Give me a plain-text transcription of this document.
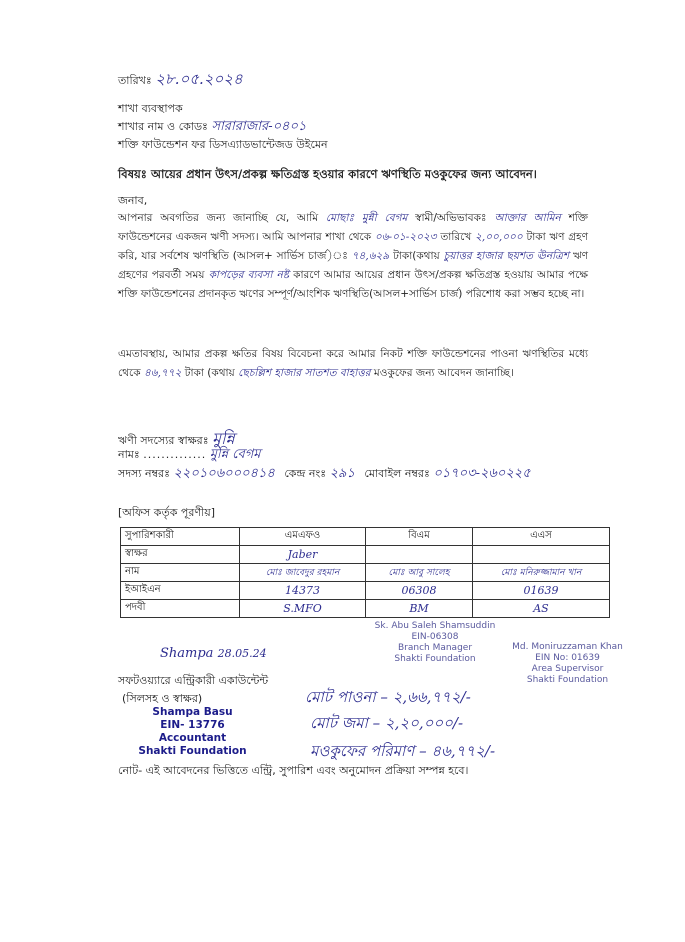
তারিখঃ ২৮.০৫.২০২৪
শাখা ব্যবস্থাপক
শাখার নাম ও কোডঃ সারারাজার-০৪০১
শক্তি ফাউন্ডেশন ফর ডিসএ্যাডভান্টেজড উইমেন
বিষয়ঃ আয়ের প্রধান উৎস/প্রকল্প ক্ষতিগ্রস্ত হওয়ার কারণে ঋণস্থিতি মওকুফের জন্য আবেদন।
জনাব,
আপনার অবগতির জন্য জানাচ্ছি যে, আমি মোছাঃ মুন্নী বেগম স্বামী/অভিভাবকঃ আক্তার আমিন শক্তি ফাউন্ডেশনের একজন ঋণী সদস্য। আমি আপনার শাখা থেকে ০৬-০১-২০২৩ তারিখে ২,০০,০০০ টাকা ঋণ গ্রহণ করি, যার সর্বশেষ ঋণস্থিতি (আসল+ সার্ভিস চার্জ)ঃ ৭৪,৬২৯ টাকা(কথায় চুয়াত্তর হাজার ছয়শত ঊনত্রিশ ঋণ গ্রহণের পরবর্তী সময় কাপড়ের ব্যবসা নষ্ট কারণে আমার আয়ের প্রধান উৎস/প্রকল্প ক্ষতিগ্রস্ত হওয়ায় আমার পক্ষে শক্তি ফাউন্ডেশনের প্রদানকৃত ঋণের সম্পূর্ণ/আংশিক ঋণস্থিতি(আসল+সার্ভিস চার্জ) পরিশোধ করা সম্ভব হচ্ছে না।
এমতাবস্থায়, আমার প্রকল্প ক্ষতির বিষয় বিবেচনা করে আমার নিকট শক্তি ফাউন্ডেশনের পাওনা ঋণস্থিতির মধ্যে থেকে ৪৬,৭৭২ টাকা (কথায় ছেচল্লিশ হাজার সাতশত বাহাত্তর মওকুফের জন্য আবেদন জানাচ্ছি।
ঋণী সদস্যের স্বাক্ষরঃ মুন্নি
নামঃ .............. মুন্নি বেগম
সদস্য নম্বরঃ ২২০১০৬০০০৪১৪ কেন্দ্র নংঃ ২৯১ মোবাইল নম্বরঃ ০১৭০৩-২৬০২২৫
[অফিস কর্তৃক পূরণীয়]
সুপারিশকারী	এমএফও	বিএম	এএস
স্বাক্ষর	Jaber		
নাম	মোঃ জাবেদুর রহমান	মোঃ আবু সালেহ	মোঃ মনিরুজ্জামান খান
ইআইএন	14373	06308	01639
পদবী	S.MFO	BM	AS
Sk. Abu Saleh Shamsuddin
EIN-06308
Branch Manager
Shakti Foundation
Md. Moniruzzaman Khan
EIN No: 01639
Area Supervisor
Shakti Foundation
Shampa 28.05.24
সফটওয়্যারে এন্ট্রিকারী একাউন্টেন্ট
(সিলসহ ও স্বাক্ষর)
Shampa Basu
EIN- 13776
Accountant
Shakti Foundation
মোট পাওনা – ২,৬৬,৭৭২/-
মোট জমা – ২,২০,০০০/-
মওকুফের পরিমাণ – ৪৬,৭৭২/-
নোট- এই আবেদনের ভিত্তিতে এন্ট্রি, সুপারিশ এবং অনুমোদন প্রক্রিয়া সম্পন্ন হবে।
